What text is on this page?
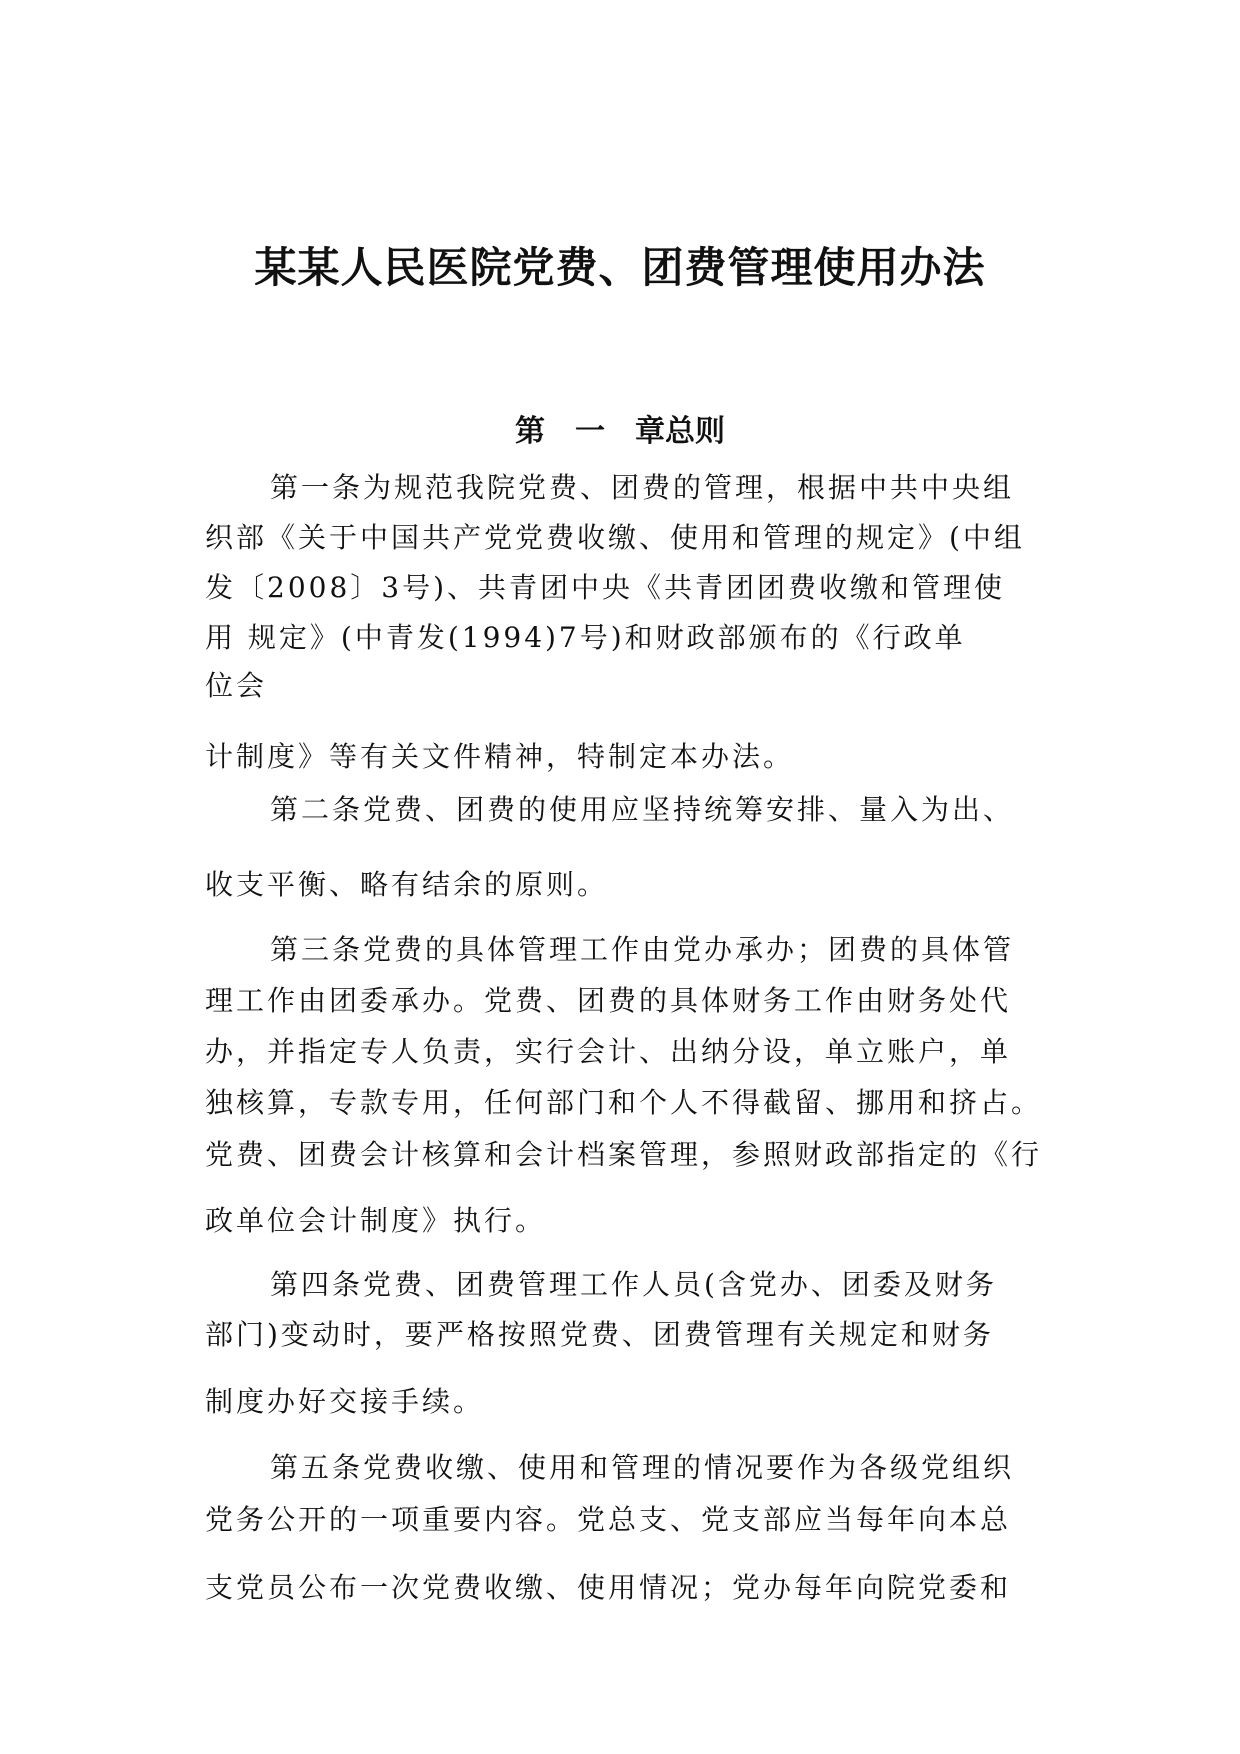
某某人民医院党费、团费管理使用办法
第　一　章总则

第一条为规范我院党费、团费的管理，根据中共中央组

织部《关于中国共产党党费收缴、使用和管理的规定》(中组

发〔2008〕3号)、共青团中央《共青团团费收缴和管理使

用 规定》(中青发(1994)7号)和财政部颁布的《行政单

位会

计制度》等有关文件精神，特制定本办法。

第二条党费、团费的使用应坚持统筹安排、量入为出、

收支平衡、略有结余的原则。

第三条党费的具体管理工作由党办承办；团费的具体管

理工作由团委承办。党费、团费的具体财务工作由财务处代

办，并指定专人负责，实行会计、出纳分设，单立账户，单

独核算，专款专用，任何部门和个人不得截留、挪用和挤占。

党费、团费会计核算和会计档案管理，参照财政部指定的《行

政单位会计制度》执行。

第四条党费、团费管理工作人员(含党办、团委及财务

部门)变动时，要严格按照党费、团费管理有关规定和财务

制度办好交接手续。

第五条党费收缴、使用和管理的情况要作为各级党组织

党务公开的一项重要内容。党总支、党支部应当每年向本总

支党员公布一次党费收缴、使用情况；党办每年向院党委和
